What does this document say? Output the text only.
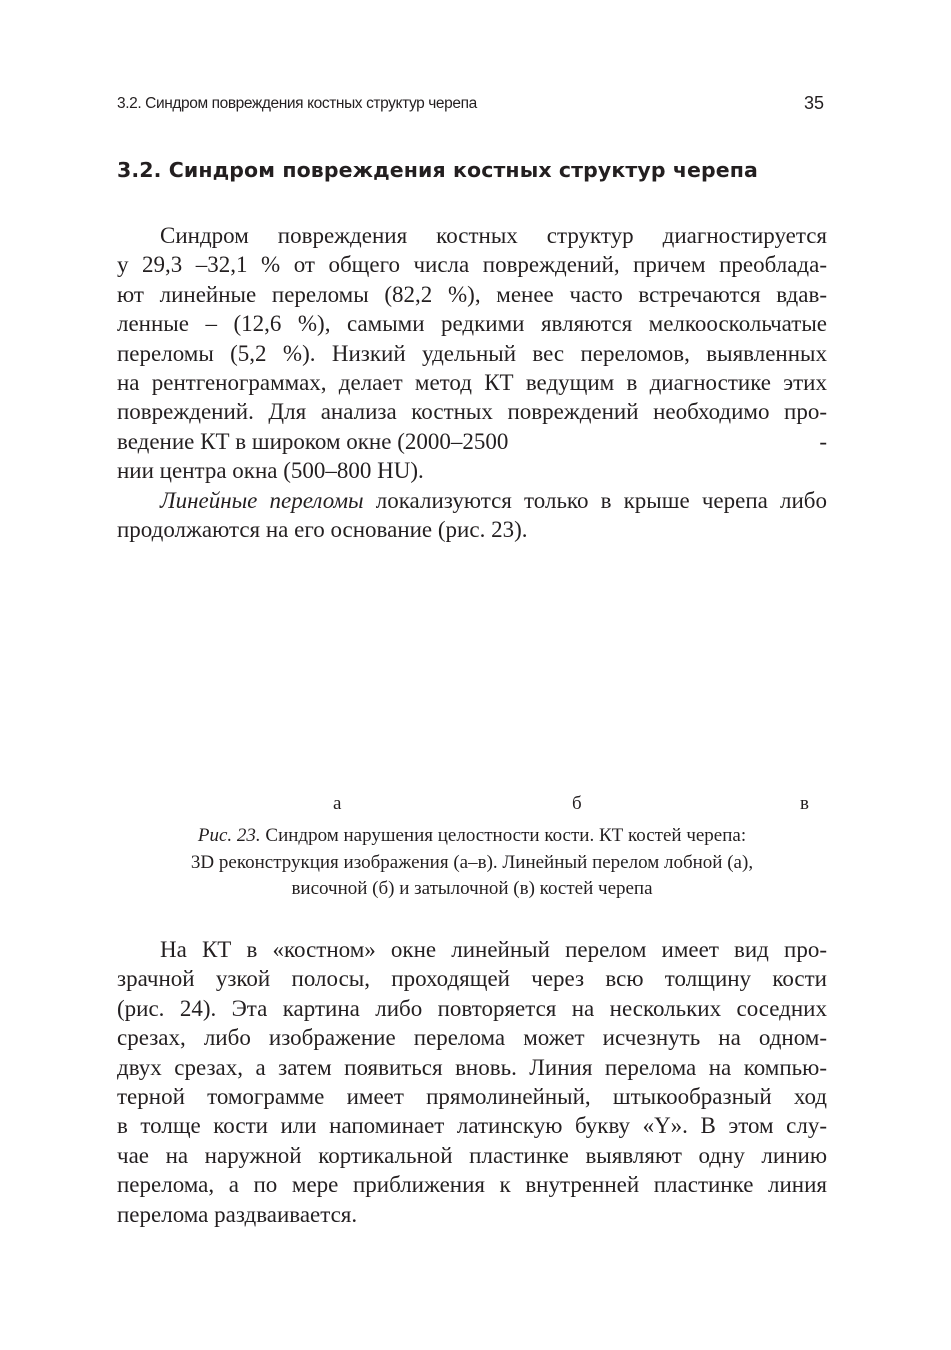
3.2. Синдром повреждения костных структур черепа	35
3.2. Синдром повреждения костных структур черепа
Синдром повреждения костных структур диагностируется
у 29,3 –32,1 % от общего числа повреждений, причем преоблада-
ют линейные переломы (82,2 %), менее часто встречаются вдав-
ленные – (12,6 %), самыми редкими являются мелкооскольчатые
переломы (5,2 %). Низкий удельный вес переломов, выявленных
на рентгенограммах, делает метод КТ ведущим в диагностике этих
повреждений. Для анализа костных повреждений необходимо про-
ведение КТ в широком окне (2000–2500	-
нии центра окна (500–800 HU).
Линейные переломы локализуются только в крыше черепа либо
продолжаются на его основание (рис. 23).
а	б	в
Рис. 23. Синдром нарушения целостности кости. КТ костей черепа:
3D реконструкция изображения (а–в). Линейный перелом лобной (а),
височной (б) и затылочной (в) костей черепа
На КТ в «костном» окне линейный перелом имеет вид про-
зрачной узкой полосы, проходящей через всю толщину кости
(рис. 24). Эта картина либо повторяется на нескольких соседних
срезах, либо изображение перелома может исчезнуть на одном-
двух срезах, а затем появиться вновь. Линия перелома на компью-
терной томограмме имеет прямолинейный, штыкообразный ход
в толще кости или напоминает латинскую букву «Y». В этом слу-
чае на наружной кортикальной пластинке выявляют одну линию
перелома, а по мере приближения к внутренней пластинке линия
перелома раздваивается.
